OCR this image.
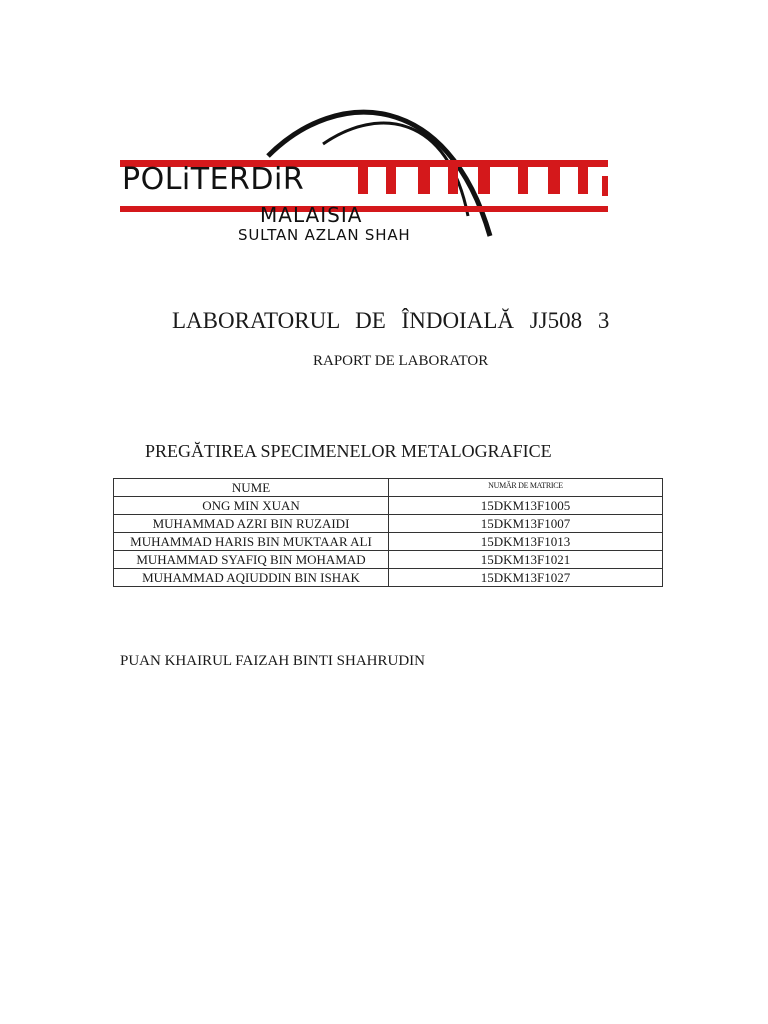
POLiTERDiR
MALAISIA
SULTAN AZLAN SHAH
LABORATORUL DE ÎNDOIALĂ JJ508 3
RAPORT DE LABORATOR
PREGĂTIREA SPECIMENELOR METALOGRAFICE
NUME	NUMĂR DE MATRICE
ONG MIN XUAN	15DKM13F1005
MUHAMMAD AZRI BIN RUZAIDI	15DKM13F1007
MUHAMMAD HARIS BIN MUKTAAR ALI	15DKM13F1013
MUHAMMAD SYAFIQ BIN MOHAMAD	15DKM13F1021
MUHAMMAD AQIUDDIN BIN ISHAK	15DKM13F1027
PUAN KHAIRUL FAIZAH BINTI SHAHRUDIN
